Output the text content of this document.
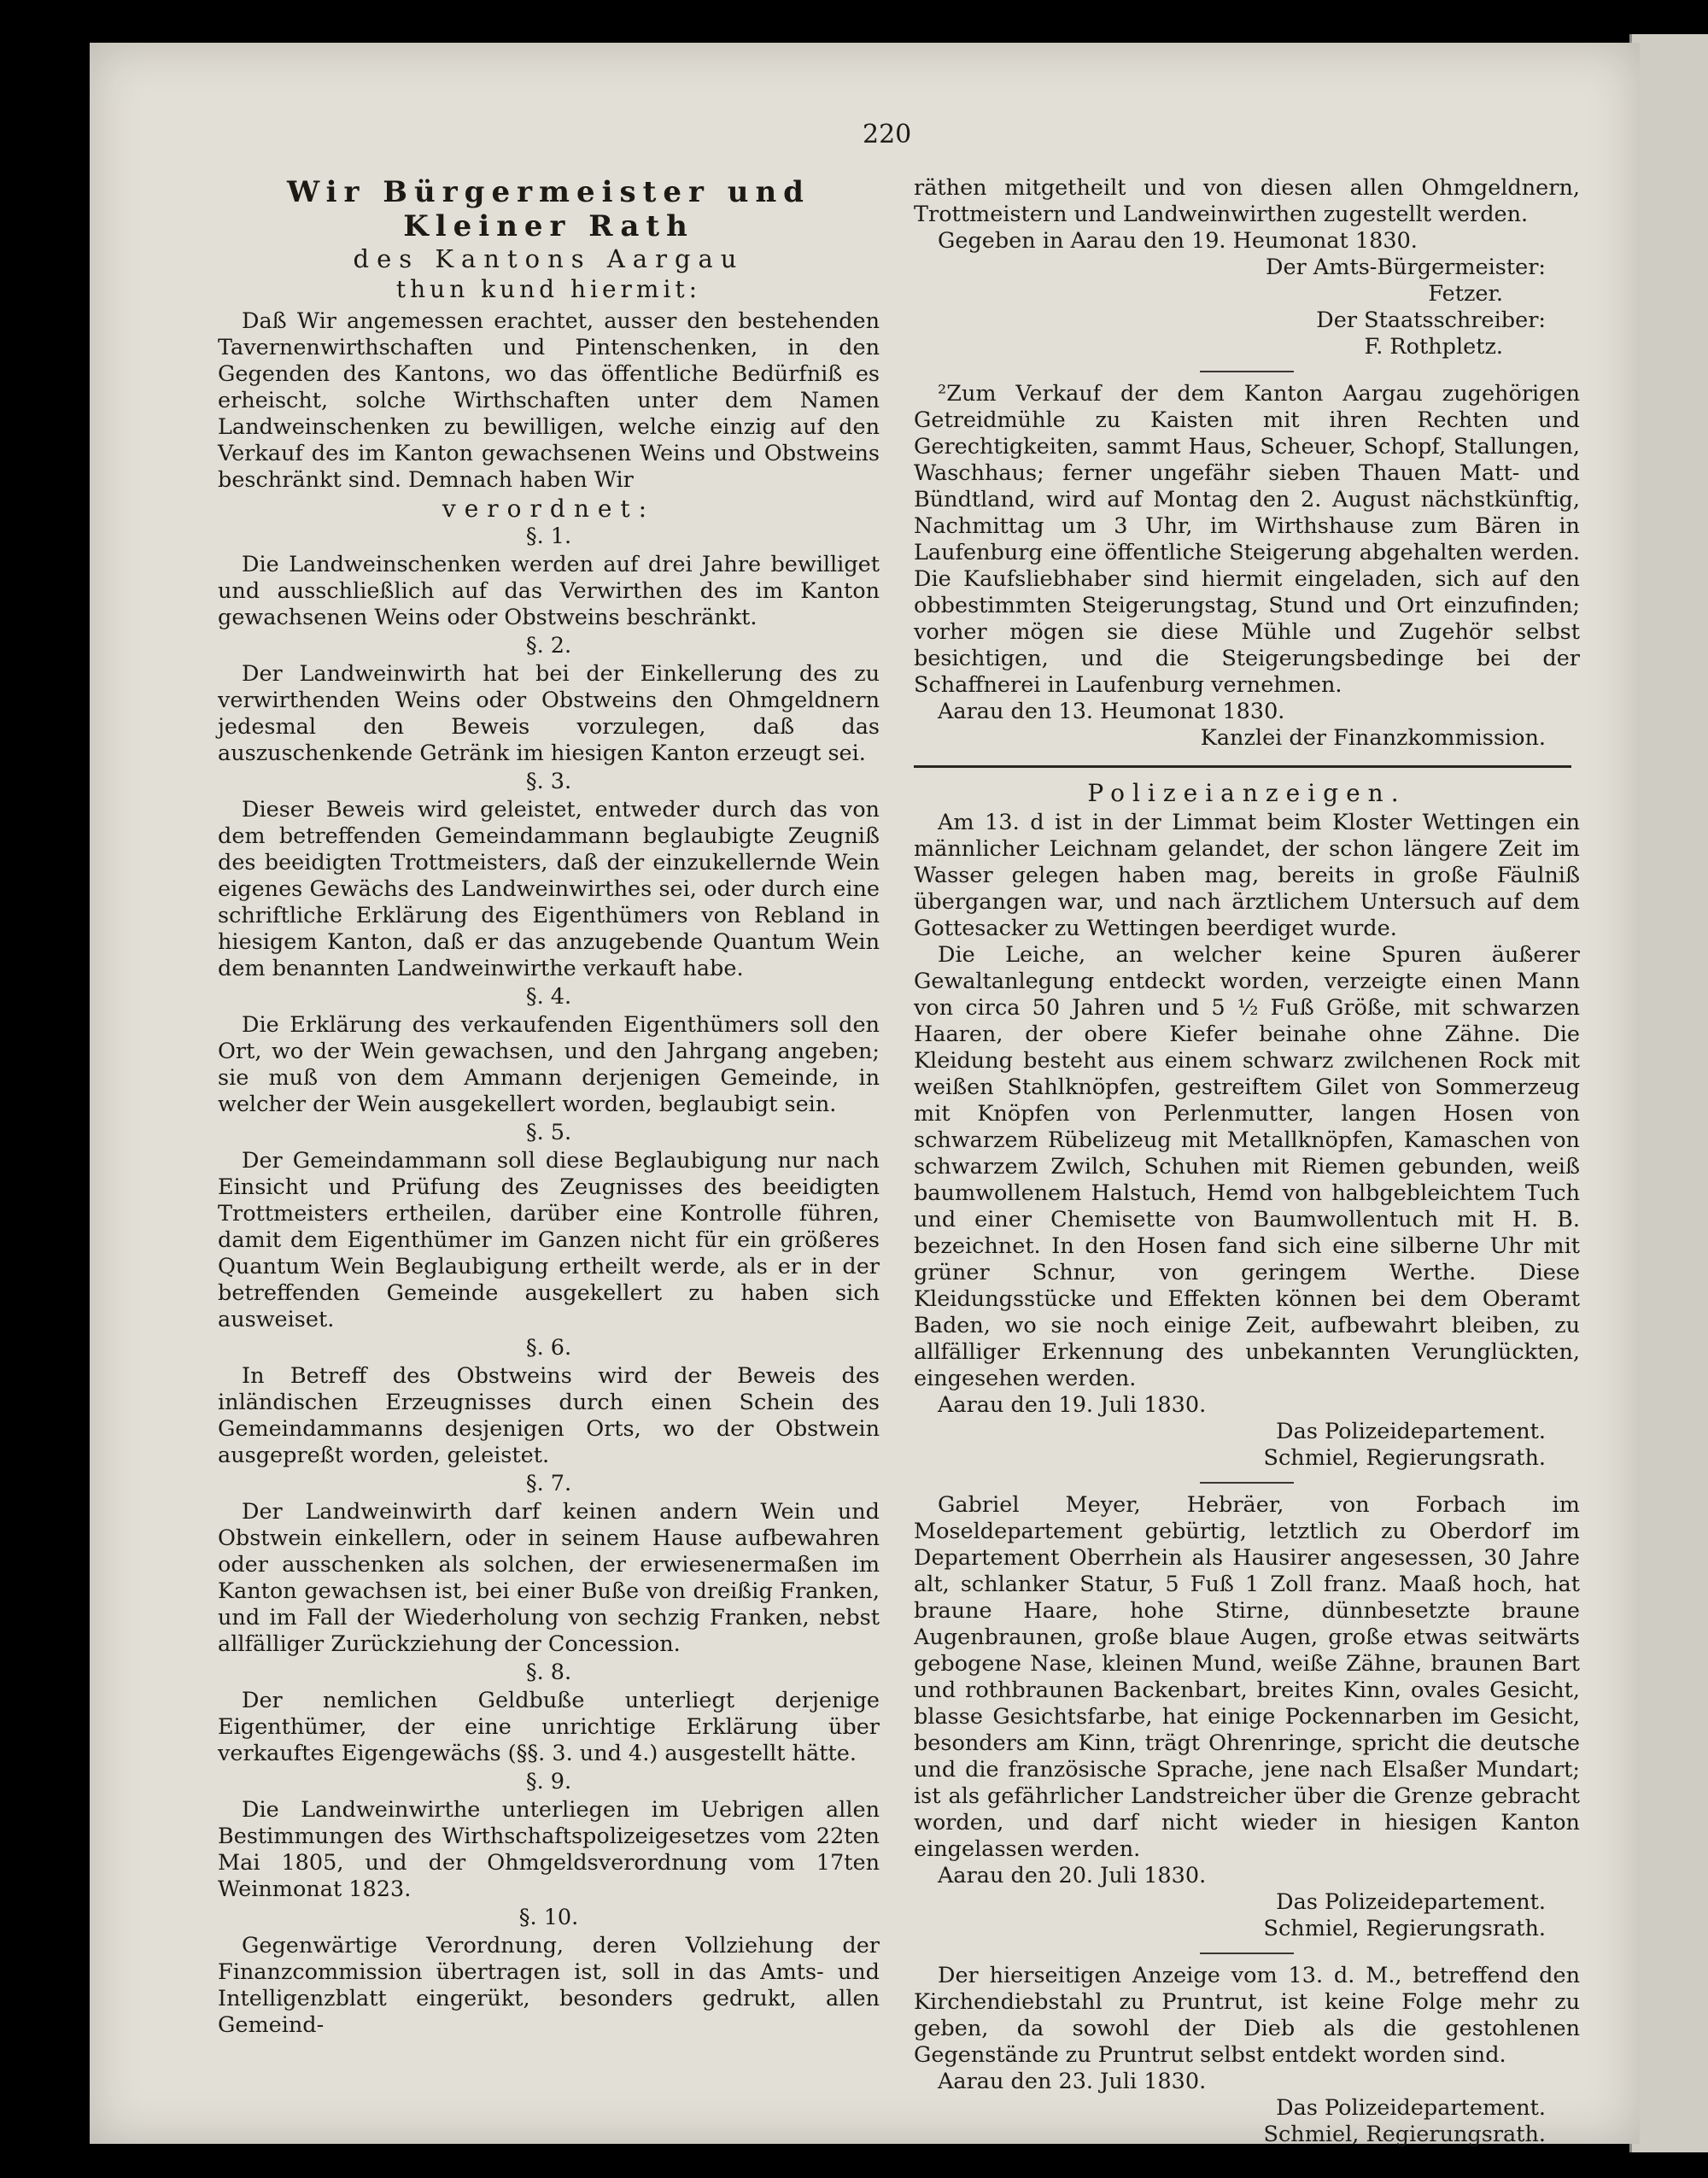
220
Wir Bürgermeister und Kleiner Rath
des Kantons Aargau
thun kund hiermit:

Daß Wir angemessen erachtet, ausser den bestehenden Tavernenwirthschaften und Pintenschenken, in den Gegenden des Kantons, wo das öffentliche Bedürfniß es erheischt, solche Wirthschaften unter dem Namen Landweinschenken zu bewilligen, welche einzig auf den Verkauf des im Kanton gewachsenen Weins und Obstweins beschränkt sind. Demnach haben Wir

verordnet:
§. 1.

Die Landweinschenken werden auf drei Jahre bewilliget und ausschließlich auf das Verwirthen des im Kanton gewachsenen Weins oder Obstweins beschränkt.

§. 2.

Der Landweinwirth hat bei der Einkellerung des zu verwirthenden Weins oder Obstweins den Ohmgeldnern jedesmal den Beweis vorzulegen, daß das auszuschenkende Getränk im hiesigen Kanton erzeugt sei.

§. 3.

Dieser Beweis wird geleistet, entweder durch das von dem betreffenden Gemeindammann beglaubigte Zeugniß des beeidigten Trottmeisters, daß der einzukellernde Wein eigenes Gewächs des Landweinwirthes sei, oder durch eine schriftliche Erklärung des Eigenthümers von Rebland in hiesigem Kanton, daß er das anzugebende Quantum Wein dem benannten Landweinwirthe verkauft habe.

§. 4.

Die Erklärung des verkaufenden Eigenthümers soll den Ort, wo der Wein gewachsen, und den Jahrgang angeben; sie muß von dem Ammann derjenigen Gemeinde, in welcher der Wein ausgekellert worden, beglaubigt sein.

§. 5.

Der Gemeindammann soll diese Beglaubigung nur nach Einsicht und Prüfung des Zeugnisses des beeidigten Trottmeisters ertheilen, darüber eine Kontrolle führen, damit dem Eigenthümer im Ganzen nicht für ein größeres Quantum Wein Beglaubigung ertheilt werde, als er in der betreffenden Gemeinde ausgekellert zu haben sich ausweiset.

§. 6.

In Betreff des Obstweins wird der Beweis des inländischen Erzeugnisses durch einen Schein des Gemeindammanns desjenigen Orts, wo der Obstwein ausgepreßt worden, geleistet.

§. 7.

Der Landweinwirth darf keinen andern Wein und Obstwein einkellern, oder in seinem Hause aufbewahren oder ausschenken als solchen, der erwiesenermaßen im Kanton gewachsen ist, bei einer Buße von dreißig Franken, und im Fall der Wiederholung von sechzig Franken, nebst allfälliger Zurückziehung der Concession.

§. 8.

Der nemlichen Geldbuße unterliegt derjenige Eigenthümer, der eine unrichtige Erklärung über verkauftes Eigengewächs (§§. 3. und 4.) ausgestellt hätte.

§. 9.

Die Landweinwirthe unterliegen im Uebrigen allen Bestimmungen des Wirthschaftspolizeigesetzes vom 22ten Mai 1805, und der Ohmgeldsverordnung vom 17ten Weinmonat 1823.

§. 10.

Gegenwärtige Verordnung, deren Vollziehung der Finanzcommission übertragen ist, soll in das Amts- und Intelligenzblatt eingerükt, besonders gedrukt, allen Gemeind-

räthen mitgetheilt und von diesen allen Ohmgeldnern, Trottmeistern und Landweinwirthen zugestellt werden.

Gegeben in Aarau den 19. Heumonat 1830.

Der Amts-Bürgermeister:
Fetzer.
Der Staatsschreiber:
F. Rothpletz.

²Zum Verkauf der dem Kanton Aargau zugehörigen Getreidmühle zu Kaisten mit ihren Rechten und Gerechtigkeiten, sammt Haus, Scheuer, Schopf, Stallungen, Waschhaus; ferner ungefähr sieben Thauen Matt- und Bündtland, wird auf Montag den 2. August nächstkünftig, Nachmittag um 3 Uhr, im Wirthshause zum Bären in Laufenburg eine öffentliche Steigerung abgehalten werden. Die Kaufsliebhaber sind hiermit eingeladen, sich auf den obbestimmten Steigerungstag, Stund und Ort einzufinden; vorher mögen sie diese Mühle und Zugehör selbst besichtigen, und die Steigerungsbedinge bei der Schaffnerei in Laufenburg vernehmen.

Aarau den 13. Heumonat 1830.

Kanzlei der Finanzkommission.
Polizeianzeigen.

Am 13. d ist in der Limmat beim Kloster Wettingen ein männlicher Leichnam gelandet, der schon längere Zeit im Wasser gelegen haben mag, bereits in große Fäulniß übergangen war, und nach ärztlichem Untersuch auf dem Gottesacker zu Wettingen beerdiget wurde.

Die Leiche, an welcher keine Spuren äußerer Gewaltanlegung entdeckt worden, verzeigte einen Mann von circa 50 Jahren und 5 ½ Fuß Größe, mit schwarzen Haaren, der obere Kiefer beinahe ohne Zähne. Die Kleidung besteht aus einem schwarz zwilchenen Rock mit weißen Stahlknöpfen, gestreiftem Gilet von Sommerzeug mit Knöpfen von Perlenmutter, langen Hosen von schwarzem Rübelizeug mit Metallknöpfen, Kamaschen von schwarzem Zwilch, Schuhen mit Riemen gebunden, weiß baumwollenem Halstuch, Hemd von halbgebleichtem Tuch und einer Chemisette von Baumwollentuch mit H. B. bezeichnet. In den Hosen fand sich eine silberne Uhr mit grüner Schnur, von geringem Werthe. Diese Kleidungsstücke und Effekten können bei dem Oberamt Baden, wo sie noch einige Zeit, aufbewahrt bleiben, zu allfälliger Erkennung des unbekannten Verunglückten, eingesehen werden.

Aarau den 19. Juli 1830.

Das Polizeidepartement.
Schmiel, Regierungsrath.

Gabriel Meyer, Hebräer, von Forbach im Moseldepartement gebürtig, letztlich zu Oberdorf im Departement Oberrhein als Hausirer angesessen, 30 Jahre alt, schlanker Statur, 5 Fuß 1 Zoll franz. Maaß hoch, hat braune Haare, hohe Stirne, dünnbesetzte braune Augenbraunen, große blaue Augen, große etwas seitwärts gebogene Nase, kleinen Mund, weiße Zähne, braunen Bart und rothbraunen Backenbart, breites Kinn, ovales Gesicht, blasse Gesichtsfarbe, hat einige Pockennarben im Gesicht, besonders am Kinn, trägt Ohrenringe, spricht die deutsche und die französische Sprache, jene nach Elsaßer Mundart; ist als gefährlicher Landstreicher über die Grenze gebracht worden, und darf nicht wieder in hiesigen Kanton eingelassen werden.

Aarau den 20. Juli 1830.

Das Polizeidepartement.
Schmiel, Regierungsrath.

Der hierseitigen Anzeige vom 13. d. M., betreffend den Kirchendiebstahl zu Pruntrut, ist keine Folge mehr zu geben, da sowohl der Dieb als die gestohlenen Gegenstände zu Pruntrut selbst entdekt worden sind.

Aarau den 23. Juli 1830.

Das Polizeidepartement.
Schmiel, Regierungsrath.
